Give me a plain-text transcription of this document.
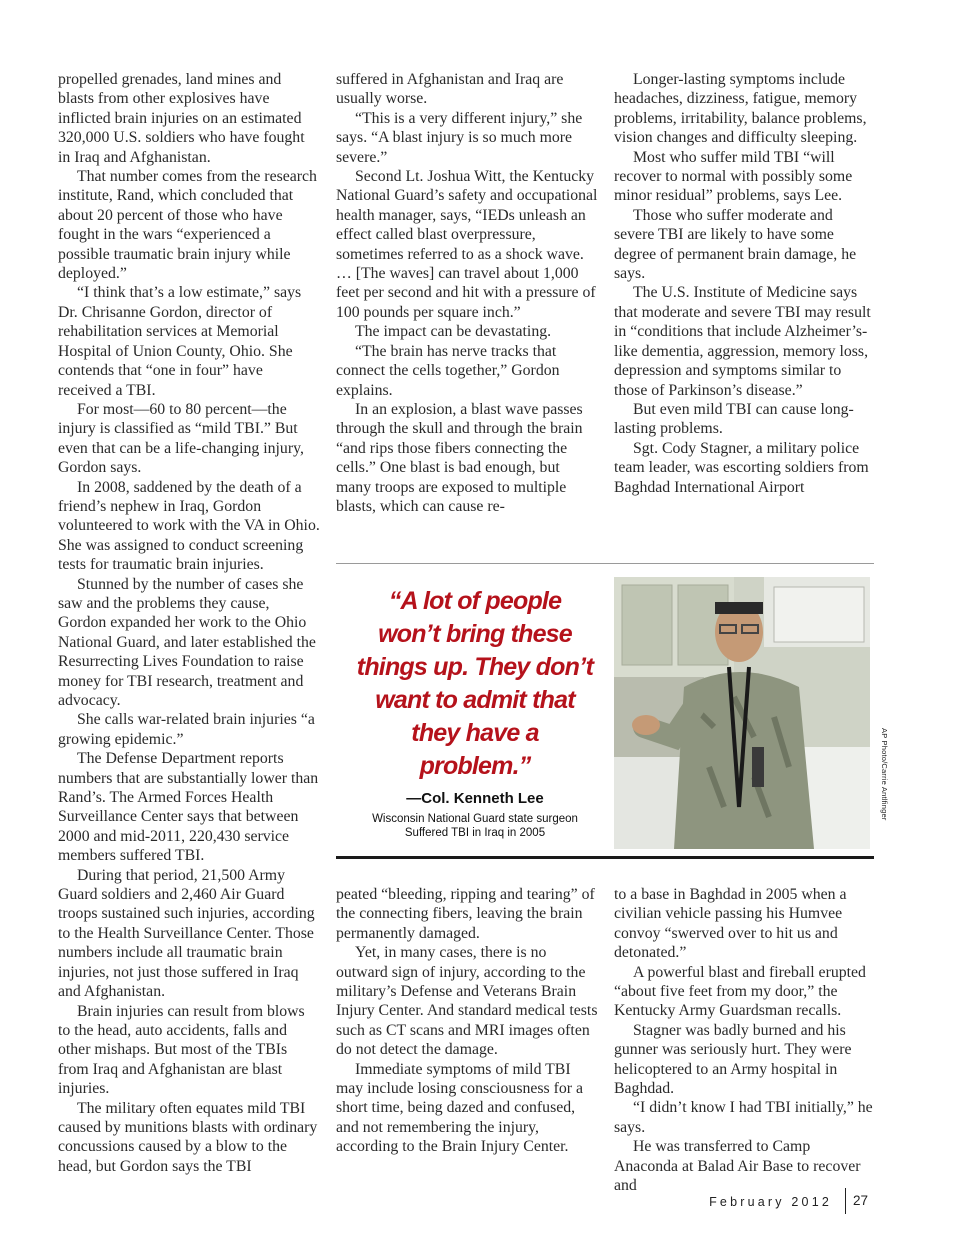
propelled grenades, land mines and blasts from other explosives have inflicted brain injuries on an estimated 320,000 U.S. soldiers who have fought in Iraq and Afghanistan.

That number comes from the research institute, Rand, which concluded that about 20 percent of those who have fought in the wars “experienced a possible traumatic brain injury while deployed.”

“I think that’s a low estimate,” says Dr. Chrisanne Gordon, director of rehabilitation services at Memorial Hospital of Union County, Ohio. She contends that “one in four” have received a TBI.

For most—60 to 80 percent—the injury is classified as “mild TBI.” But even that can be a life-changing injury, Gordon says.

In 2008, saddened by the death of a friend’s nephew in Iraq, Gordon volunteered to work with the VA in Ohio. She was assigned to conduct screening tests for traumatic brain injuries.

Stunned by the number of cases she saw and the problems they cause, Gordon expanded her work to the Ohio National Guard, and later established the Resurrecting Lives Foundation to raise money for TBI research, treatment and advocacy.

She calls war-related brain injuries “a growing epidemic.”

The Defense Department reports numbers that are substantially lower than Rand’s. The Armed Forces Health Surveillance Center says that between 2000 and mid-2011, 220,430 service members suffered TBI.

During that period, 21,500 Army Guard soldiers and 2,460 Air Guard troops sustained such injuries, according to the Health Surveillance Center. Those numbers include all traumatic brain injuries, not just those suffered in Iraq and Afghanistan.

Brain injuries can result from blows to the head, auto accidents, falls and other mishaps. But most of the TBIs from Iraq and Afghanistan are blast injuries.

The military often equates mild TBI caused by munitions blasts with ordinary concussions caused by a blow to the head, but Gordon says the TBI

suffered in Afghanistan and Iraq are usually worse.

“This is a very different injury,” she says. “A blast injury is so much more severe.”

Second Lt. Joshua Witt, the Kentucky National Guard’s safety and occupational health manager, says, “IEDs unleash an effect called blast overpressure, sometimes referred to as a shock wave. … [The waves] can travel about 1,000 feet per second and hit with a pressure of 100 pounds per square inch.”

The impact can be devastating.

“The brain has nerve tracks that connect the cells together,” Gordon explains.

In an explosion, a blast wave passes through the skull and through the brain “and rips those fibers connecting the cells.” One blast is bad enough, but many troops are exposed to multiple blasts, which can cause re-

Longer-lasting symptoms include headaches, dizziness, fatigue, memory problems, irritability, balance problems, vision changes and difficulty sleeping.

Most who suffer mild TBI “will recover to normal with possibly some minor residual” problems, says Lee.

Those who suffer moderate and severe TBI are likely to have some degree of permanent brain damage, he says.

The U.S. Institute of Medicine says that moderate and severe TBI may result in “conditions that include Alzheimer’s-like dementia, aggression, memory loss, depression and symptoms similar to those of Parkinson’s disease.”

But even mild TBI can cause long-lasting problems.

Sgt. Cody Stagner, a military police team leader, was escorting soldiers from Baghdad International Airport

“A lot of people won’t bring these things up. They don’t want to admit that they have a problem.”
—Col. Kenneth Lee
Wisconsin National Guard state surgeon
Suffered TBI in Iraq in 2005
AP Photo/Carrie Antlfinger

peated “bleeding, ripping and tearing” of the connecting fibers, leaving the brain permanently damaged.

Yet, in many cases, there is no outward sign of injury, according to the military’s Defense and Veterans Brain Injury Center. And standard medical tests such as CT scans and MRI images often do not detect the damage.

Immediate symptoms of mild TBI may include losing consciousness for a short time, being dazed and confused, and not remembering the injury, according to the Brain Injury Center.

to a base in Baghdad in 2005 when a civilian vehicle passing his Humvee convoy “swerved over to hit us and detonated.”

A powerful blast and fireball erupted “about five feet from my door,” the Kentucky Army Guardsman recalls.

Stagner was badly burned and his gunner was seriously hurt. They were helicoptered to an Army hospital in Baghdad.

“I didn’t know I had TBI initially,” he says.

He was transferred to Camp Anaconda at Balad Air Base to recover and

February 2012 27
